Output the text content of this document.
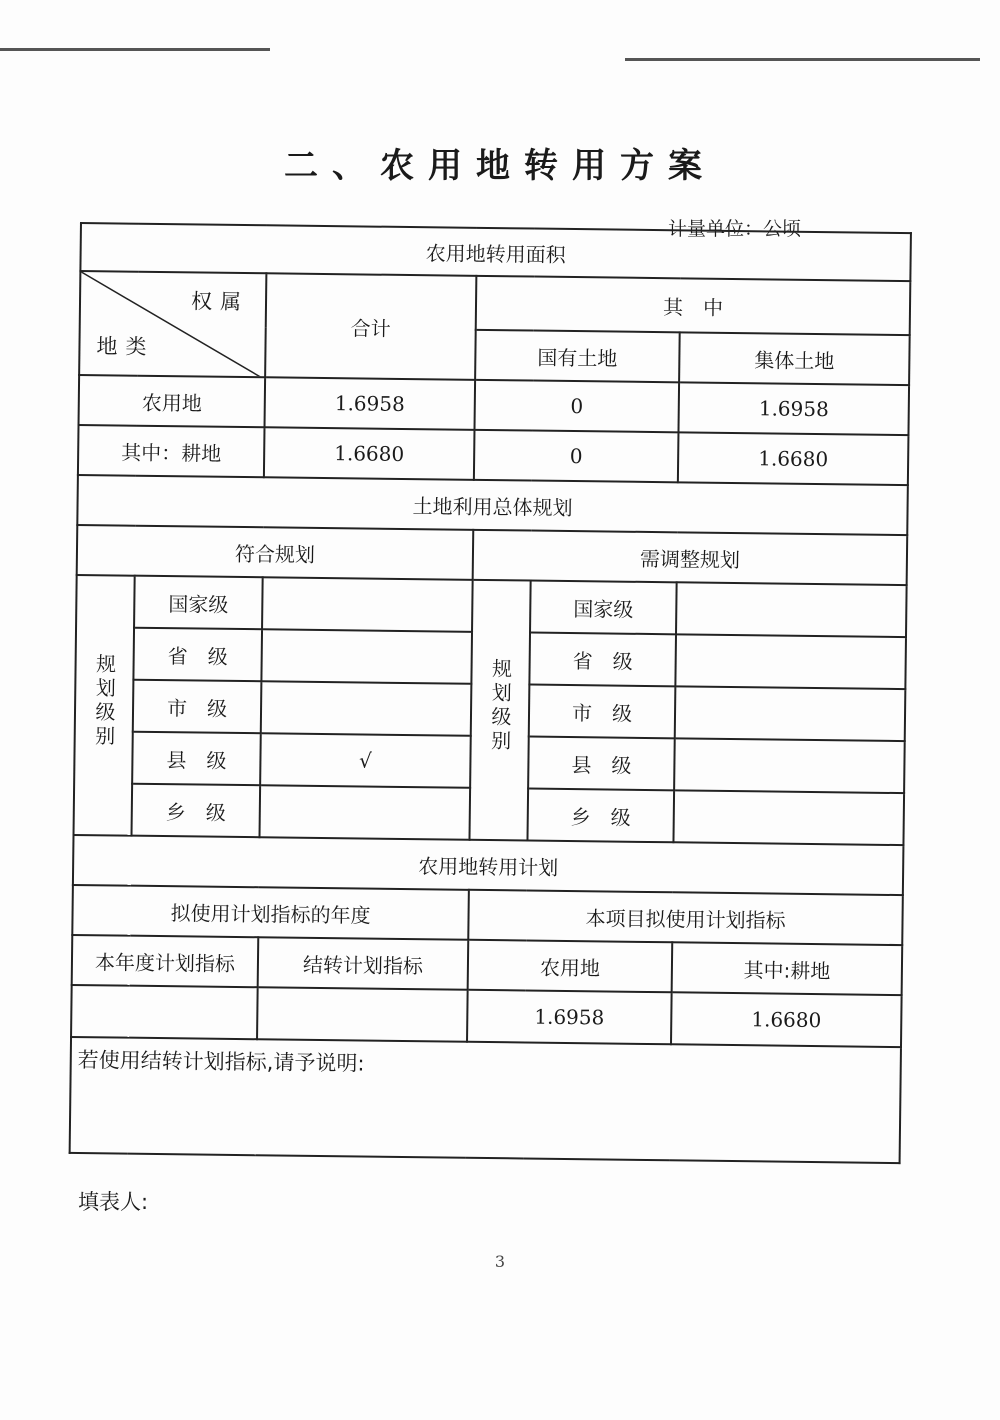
二、农用地转用方案
计量单位：公顷
农用地转用面积					

权属
地类		合计	其　中		
			国有土地		集体土地
农用地		1.6958	0		1.6958
其中：耕地		1.6680	0		1.6680
土地利用总体规划					
符合规划			需调整规划		
规划级别	国家级		规划级别	国家级	
	省　级			省　级	
	市　级			市　级	
	县　级	√		县　级	
	乡　级			乡　级	
农用地转用计划					
拟使用计划指标的年度			本项目拟使用计划指标		
本年度计划指标		结转计划指标	农用地		其中:耕地
			1.6958		1.6680
若使用结转计划指标,请予说明:					
填表人:
3
